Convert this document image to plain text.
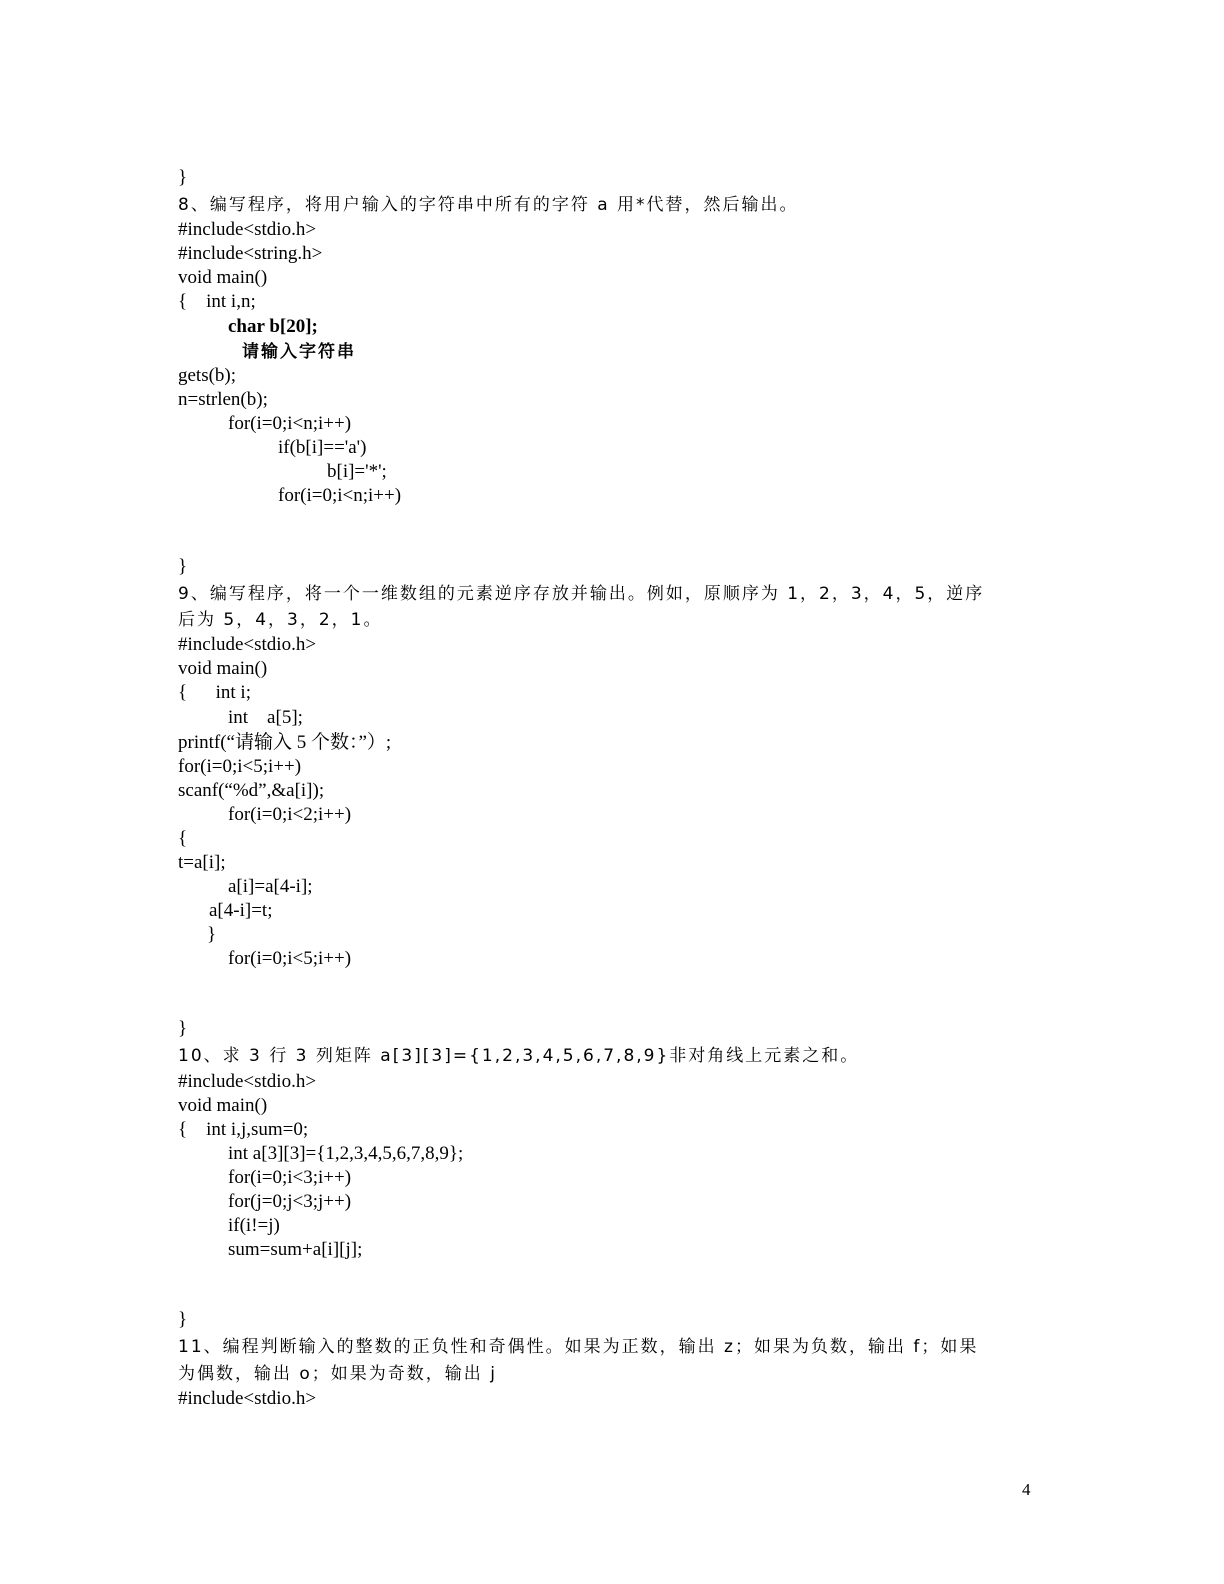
}
8、编写程序，将用户输入的字符串中所有的字符 a 用*代替，然后输出。
#include<stdio.h>
#include<string.h>
void main()
{    int i,n;
char b[20];
请输入字符串
gets(b);
n=strlen(b);
for(i=0;i<n;i++)
if(b[i]=='a')
b[i]='*';
for(i=0;i<n;i++)
}
9、编写程序，将一个一维数组的元素逆序存放并输出。例如，原顺序为 1，2，3，4，5，逆序
后为 5，4，3，2，1。
#include<stdio.h>
void main()
{      int i;
int    a[5];
printf(“请输入 5 个数：”）;
for(i=0;i<5;i++)
scanf(“%d”,&a[i]);
for(i=0;i<2;i++)
{
t=a[i];
a[i]=a[4-i];
a[4-i]=t;
}
for(i=0;i<5;i++)
}
10、求 3 行 3 列矩阵 a[3][3]={1,2,3,4,5,6,7,8,9}非对角线上元素之和。
#include<stdio.h>
void main()
{    int i,j,sum=0;
int a[3][3]={1,2,3,4,5,6,7,8,9};
for(i=0;i<3;i++)
for(j=0;j<3;j++)
if(i!=j)
sum=sum+a[i][j];
}
11、编程判断输入的整数的正负性和奇偶性。如果为正数，输出 z；如果为负数，输出 f；如果
为偶数，输出 o；如果为奇数，输出 j
#include<stdio.h>
4
